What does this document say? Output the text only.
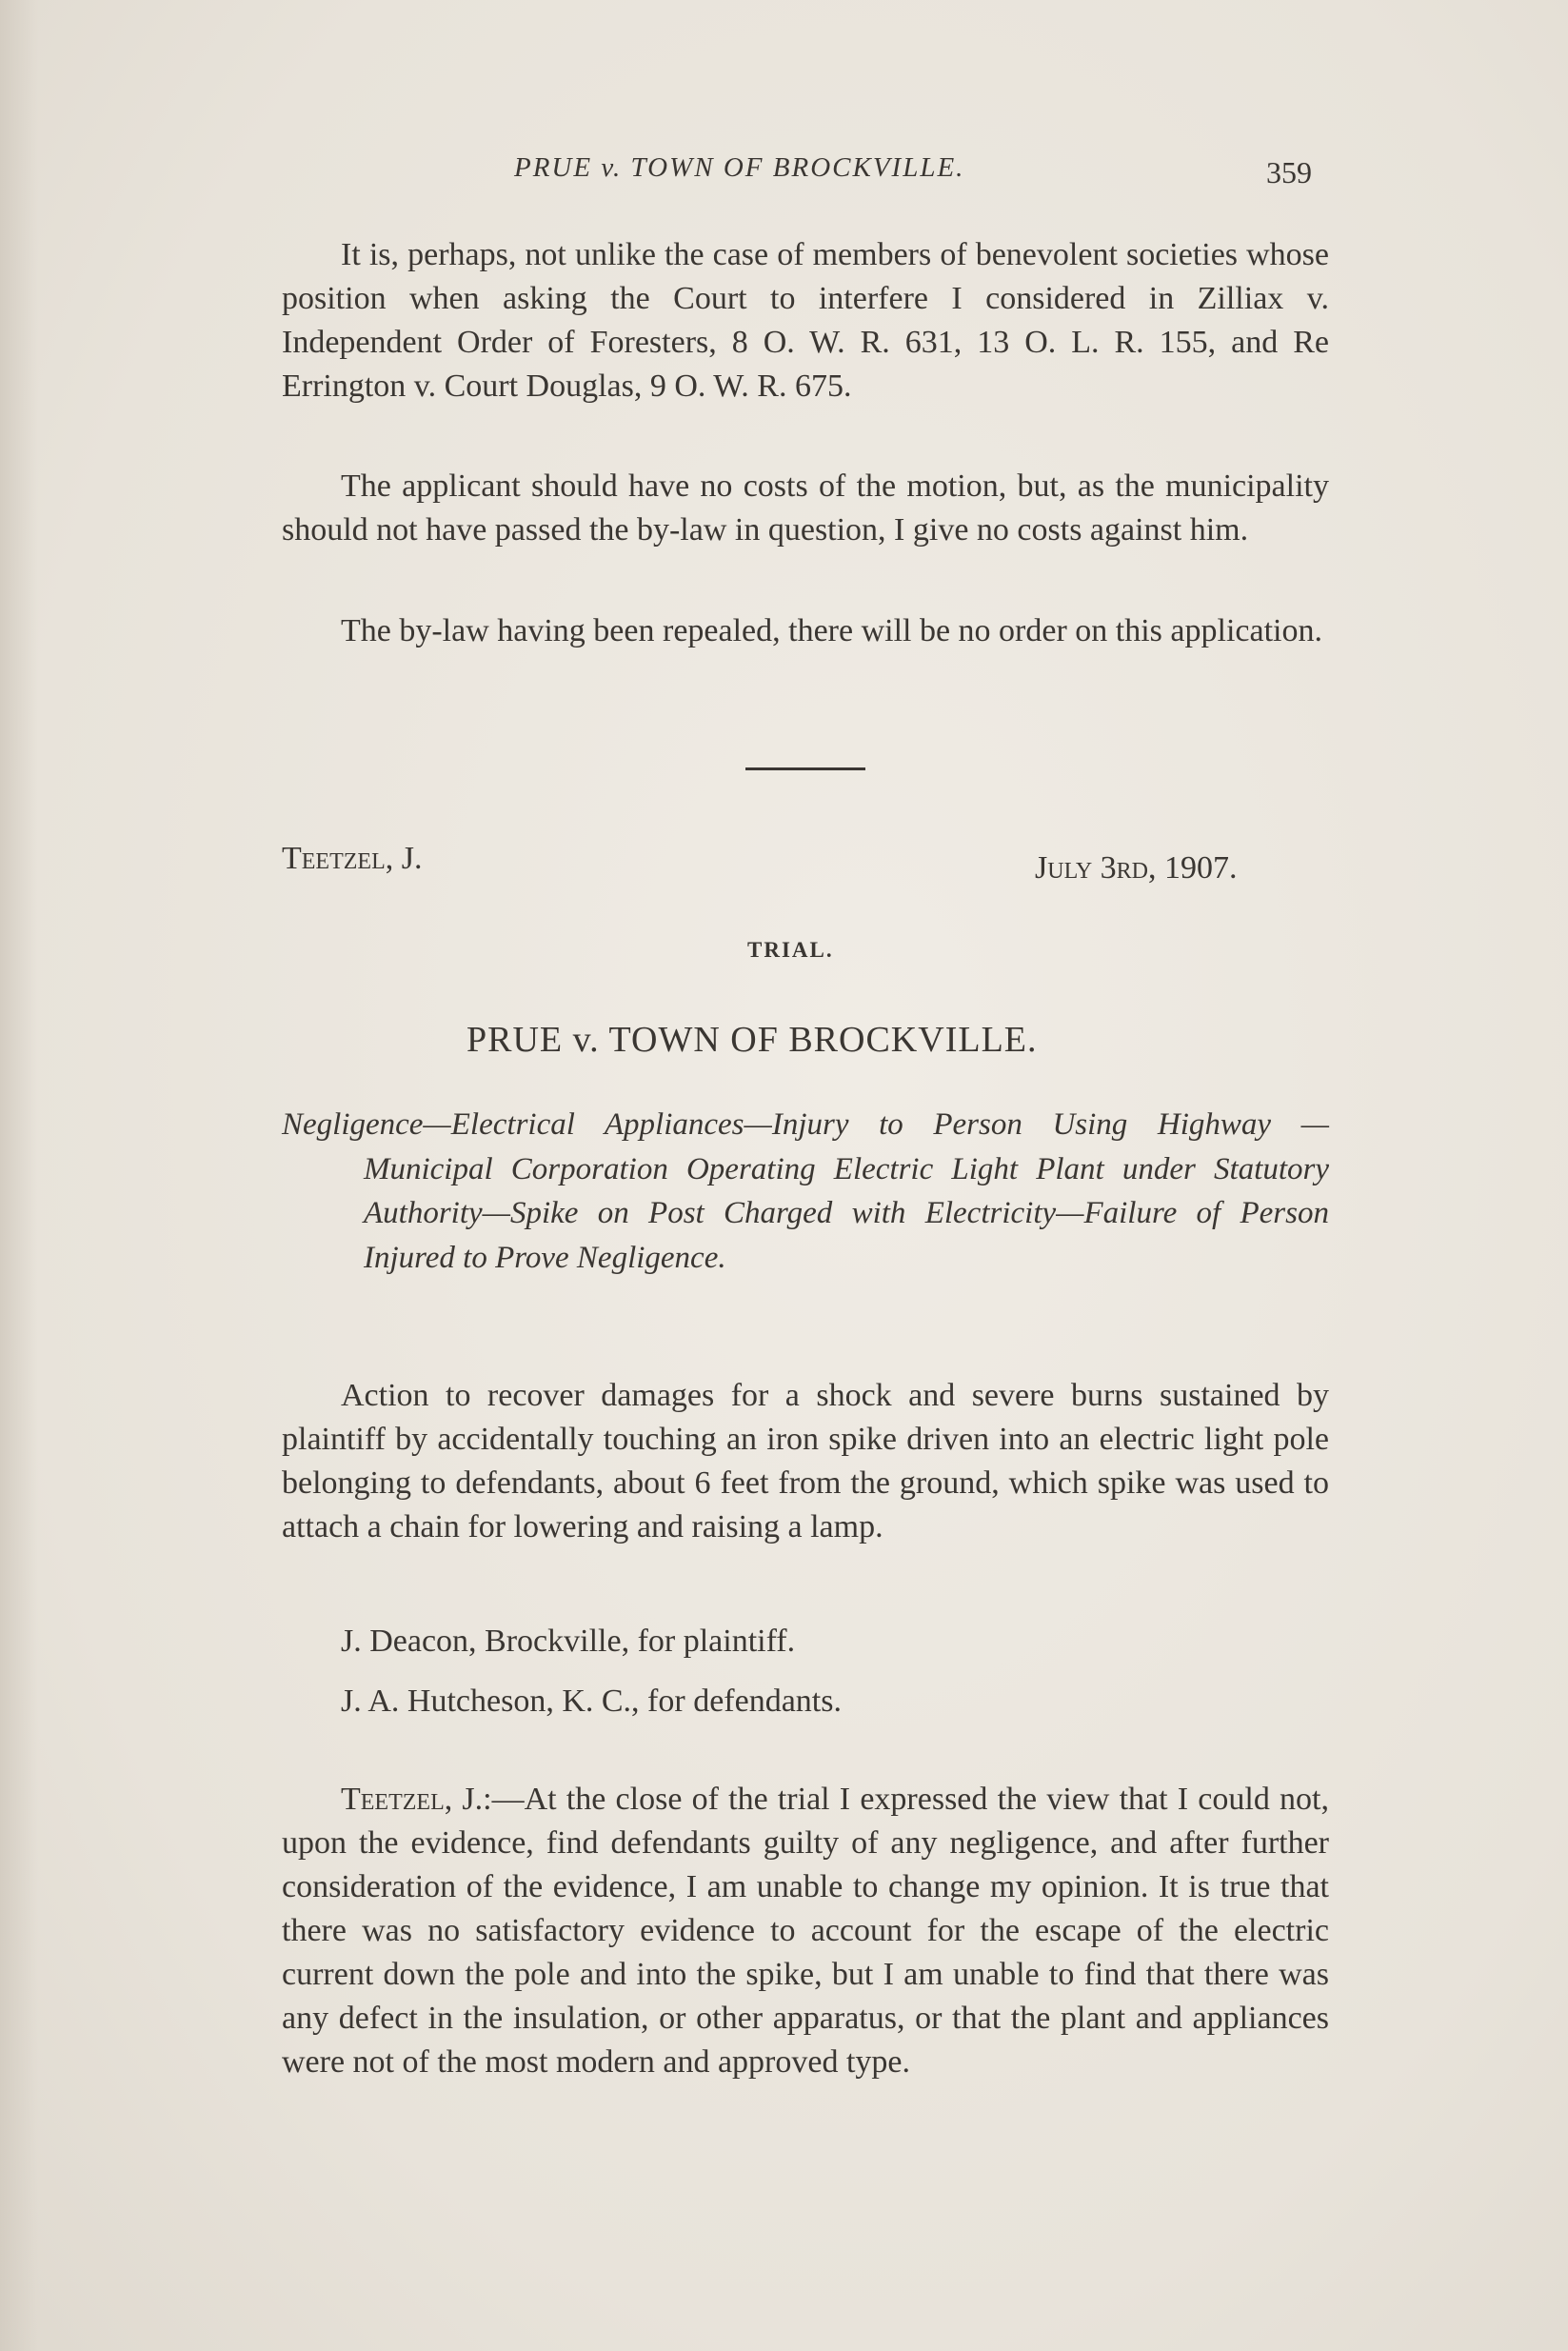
PRUE v. TOWN OF BROCKVILLE.	359

It is, perhaps, not unlike the case of members of benevolent societies whose position when asking the Court to interfere I considered in Zilliax v. Independent Order of Foresters, 8 O. W. R. 631, 13 O. L. R. 155, and Re Errington v. Court Douglas, 9 O. W. R. 675.

The applicant should have no costs of the motion, but, as the municipality should not have passed the by-law in question, I give no costs against him.

The by-law having been repealed, there will be no order on this application.

Teetzel, J.	July 3rd, 1907.
TRIAL.
PRUE v. TOWN OF BROCKVILLE.
Negligence—Electrical Appliances—Injury to Person Using Highway — Municipal Corporation Operating Electric Light Plant under Statutory Authority—Spike on Post Charged with Electricity—Failure of Person Injured to Prove Negligence.

Action to recover damages for a shock and severe burns sustained by plaintiff by accidentally touching an iron spike driven into an electric light pole belonging to defendants, about 6 feet from the ground, which spike was used to attach a chain for lowering and raising a lamp.

J. Deacon, Brockville, for plaintiff.
J. A. Hutcheson, K. C., for defendants.

Teetzel, J.:—At the close of the trial I expressed the view that I could not, upon the evidence, find defendants guilty of any negligence, and after further consideration of the evidence, I am unable to change my opinion. It is true that there was no satisfactory evidence to account for the escape of the electric current down the pole and into the spike, but I am unable to find that there was any defect in the insulation, or other apparatus, or that the plant and appliances were not of the most modern and approved type.
